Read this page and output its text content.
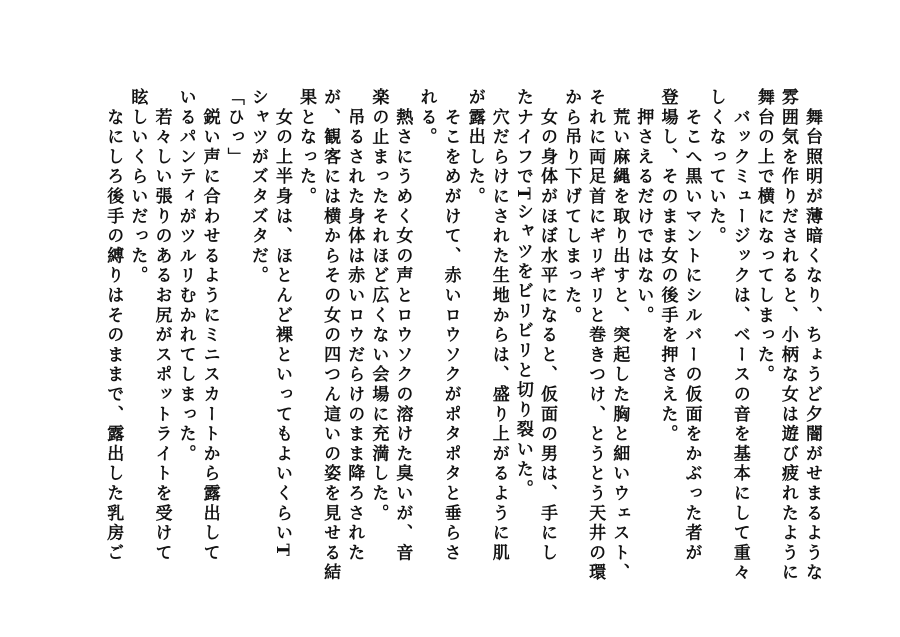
　舞台照明が薄暗くなり、ちょうど夕闇がせまるような
雰囲気を作りだされると、小柄な女は遊び疲れたように
舞台の上で横になってしまった。
　バックミュージックは、ベースの音を基本にして重々
しくなっていた。
　そこへ黒いマントにシルバーの仮面をかぶった者が
登場し、そのまま女の後手を押さえた。
　押さえるだけではない。
　荒い麻縄を取り出すと、突起した胸と細いウェスト、
それに両足首にギリギリと巻きつけ、とうとう天井の環
から吊り下げてしまった。
　女の身体がほぼ水平になると、仮面の男は、手にし
たナイフでTシャツをビリビリと切り裂いた。
　穴だらけにされた生地からは、盛り上がるように肌
が露出した。
　そこをめがけて、赤いロウソクがポタポタと垂らさ
れる。
　熱さにうめく女の声とロウソクの溶けた臭いが、音
楽の止まったそれほど広くない会場に充満した。
　吊るされた身体は赤いロウだらけのまま降ろされた
が、観客には横からその女の四つん這いの姿を見せる結
果となった。
　女の上半身は、ほとんど裸といってもよいくらいT
シャツがズタズタだ。
「ひっ」
　鋭い声に合わせるようにミニスカートから露出して
いるパンティがツルリむかれてしまった。
　若々しい張りのあるお尻がスポットライトを受けて
眩しいくらいだった。
　なにしろ後手の縛りはそのままで、露出した乳房ご
